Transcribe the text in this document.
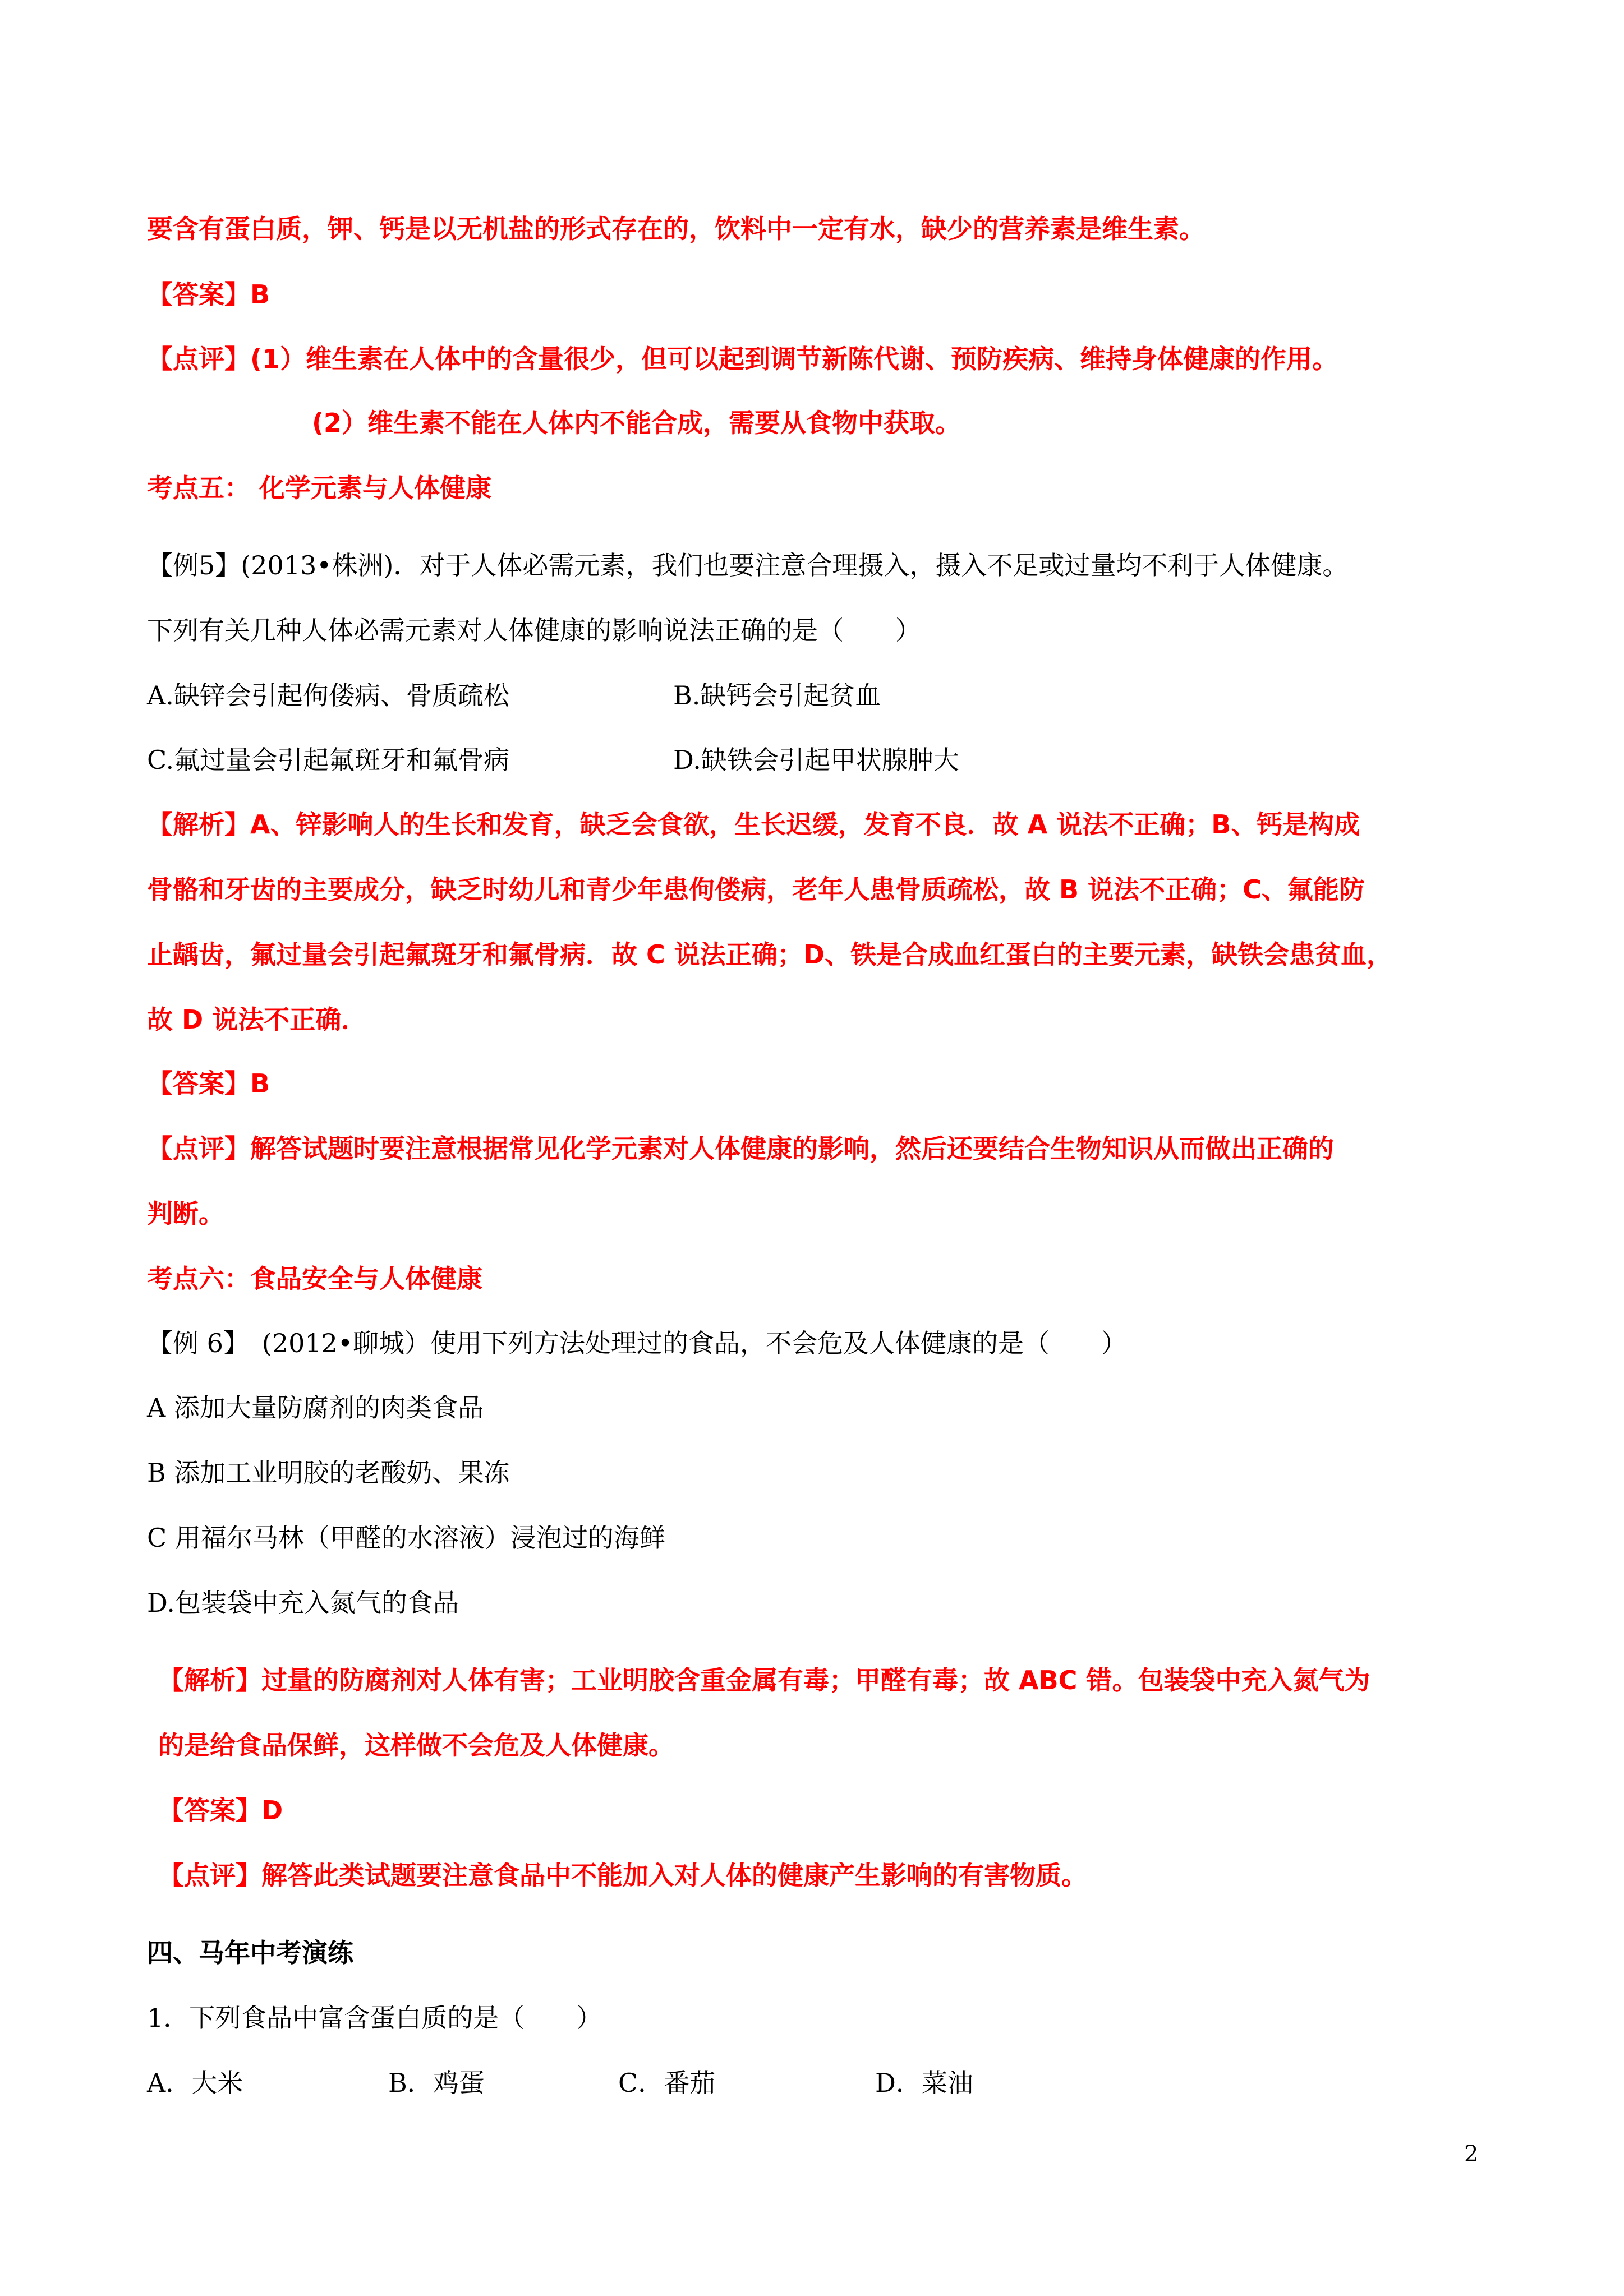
要含有蛋白质，钾、钙是以无机盐的形式存在的，饮料中一定有水，缺少的营养素是维生素。

【答案】B

【点评】(1）维生素在人体中的含量很少，但可以起到调节新陈代谢、预防疾病、维持身体健康的作用。

(2）维生素不能在人体内不能合成，需要从食物中获取。

考点五： 化学元素与人体健康

【例5】(2013•株洲)．对于人体必需元素，我们也要注意合理摄入，摄入不足或过量均不利于人体健康。

下列有关几种人体必需元素对人体健康的影响说法正确的是（　　）

A.缺锌会引起佝偻病、骨质疏松	B.缺钙会引起贫血

C.氟过量会引起氟斑牙和氟骨病	D.缺铁会引起甲状腺肿大

【解析】A、锌影响人的生长和发育，缺乏会食欲，生长迟缓，发育不良．故 A 说法不正确；B、钙是构成

骨骼和牙齿的主要成分，缺乏时幼儿和青少年患佝偻病，老年人患骨质疏松，故 B 说法不正确；C、氟能防

止龋齿，氟过量会引起氟斑牙和氟骨病．故 C 说法正确；D、铁是合成血红蛋白的主要元素，缺铁会患贫血，

故 D 说法不正确．

【答案】B

【点评】解答试题时要注意根据常见化学元素对人体健康的影响，然后还要结合生物知识从而做出正确的

判断。

考点六：食品安全与人体健康

【例 6】　(2012•聊城）使用下列方法处理过的食品，不会危及人体健康的是（　　）

A 添加大量防腐剂的肉类食品

B 添加工业明胶的老酸奶、果冻

C 用福尔马林（甲醛的水溶液）浸泡过的海鲜

D.包装袋中充入氮气的食品

【解析】过量的防腐剂对人体有害；工业明胶含重金属有毒；甲醛有毒；故 ABC 错。包装袋中充入氮气为

的是给食品保鲜，这样做不会危及人体健康。

【答案】D

【点评】解答此类试题要注意食品中不能加入对人体的健康产生影响的有害物质。

四、马年中考演练

1．下列食品中富含蛋白质的是（　　）

A．大米	B．鸡蛋	C．番茄	D．菜油

2
